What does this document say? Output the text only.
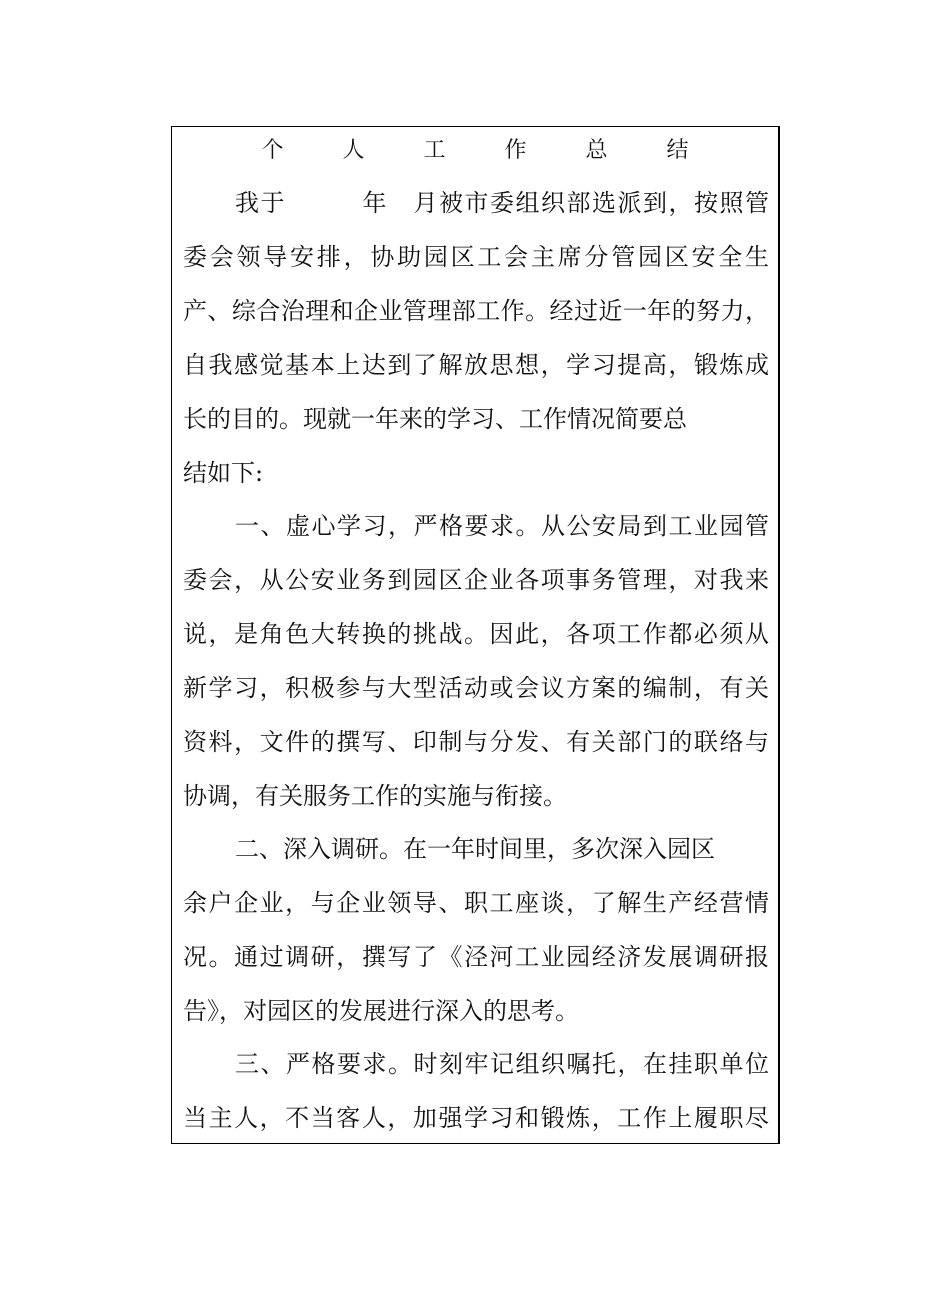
个 人 工 作 总 结
我于　　　年　月被市委组织部选派到，按照管
委会领导安排，协助园区工会主席分管园区安全生
产、综合治理和企业管理部工作。经过近一年的努力，
自我感觉基本上达到了解放思想，学习提高，锻炼成
长的目的。现就一年来的学习、工作情况简要总
结如下:
一、虚心学习，严格要求。从公安局到工业园管
委会，从公安业务到园区企业各项事务管理，对我来
说，是角色大转换的挑战。因此，各项工作都必须从
新学习，积极参与大型活动或会议方案的编制，有关
资料，文件的撰写、印制与分发、有关部门的联络与
协调，有关服务工作的实施与衔接。
二、深入调研。在一年时间里，多次深入园区
余户企业，与企业领导、职工座谈，了解生产经营情
况。通过调研，撰写了《泾河工业园经济发展调研报
告》，对园区的发展进行深入的思考。
三、严格要求。时刻牢记组织嘱托，在挂职单位
当主人，不当客人，加强学习和锻炼，工作上履职尽
